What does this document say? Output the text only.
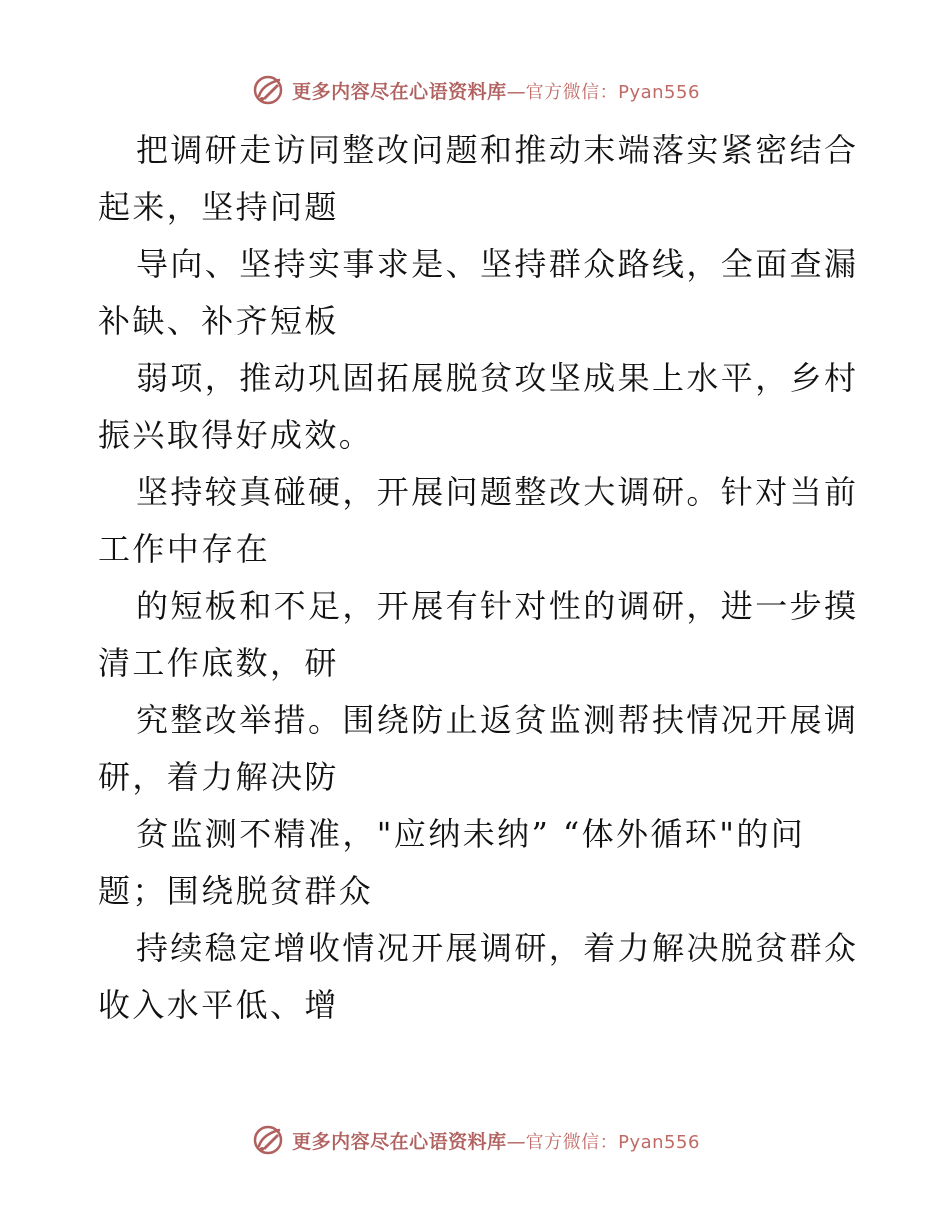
更多内容尽在心语资料库 — 官方微信：Pyan556
把调研走访同整改问题和推动末端落实紧密结合
起来，坚持问题
导向、坚持实事求是、坚持群众路线，全面查漏
补缺、补齐短板
弱项，推动巩固拓展脱贫攻坚成果上水平，乡村
振兴取得好成效。
坚持较真碰硬，开展问题整改大调研。针对当前
工作中存在
的短板和不足，开展有针对性的调研，进一步摸
清工作底数，研
究整改举措。围绕防止返贫监测帮扶情况开展调
研，着力解决防
贫监测不精准，"应纳未纳” “体外循环"的问
题；围绕脱贫群众
持续稳定增收情况开展调研，着力解决脱贫群众
收入水平低、增
更多内容尽在心语资料库 — 官方微信：Pyan556
